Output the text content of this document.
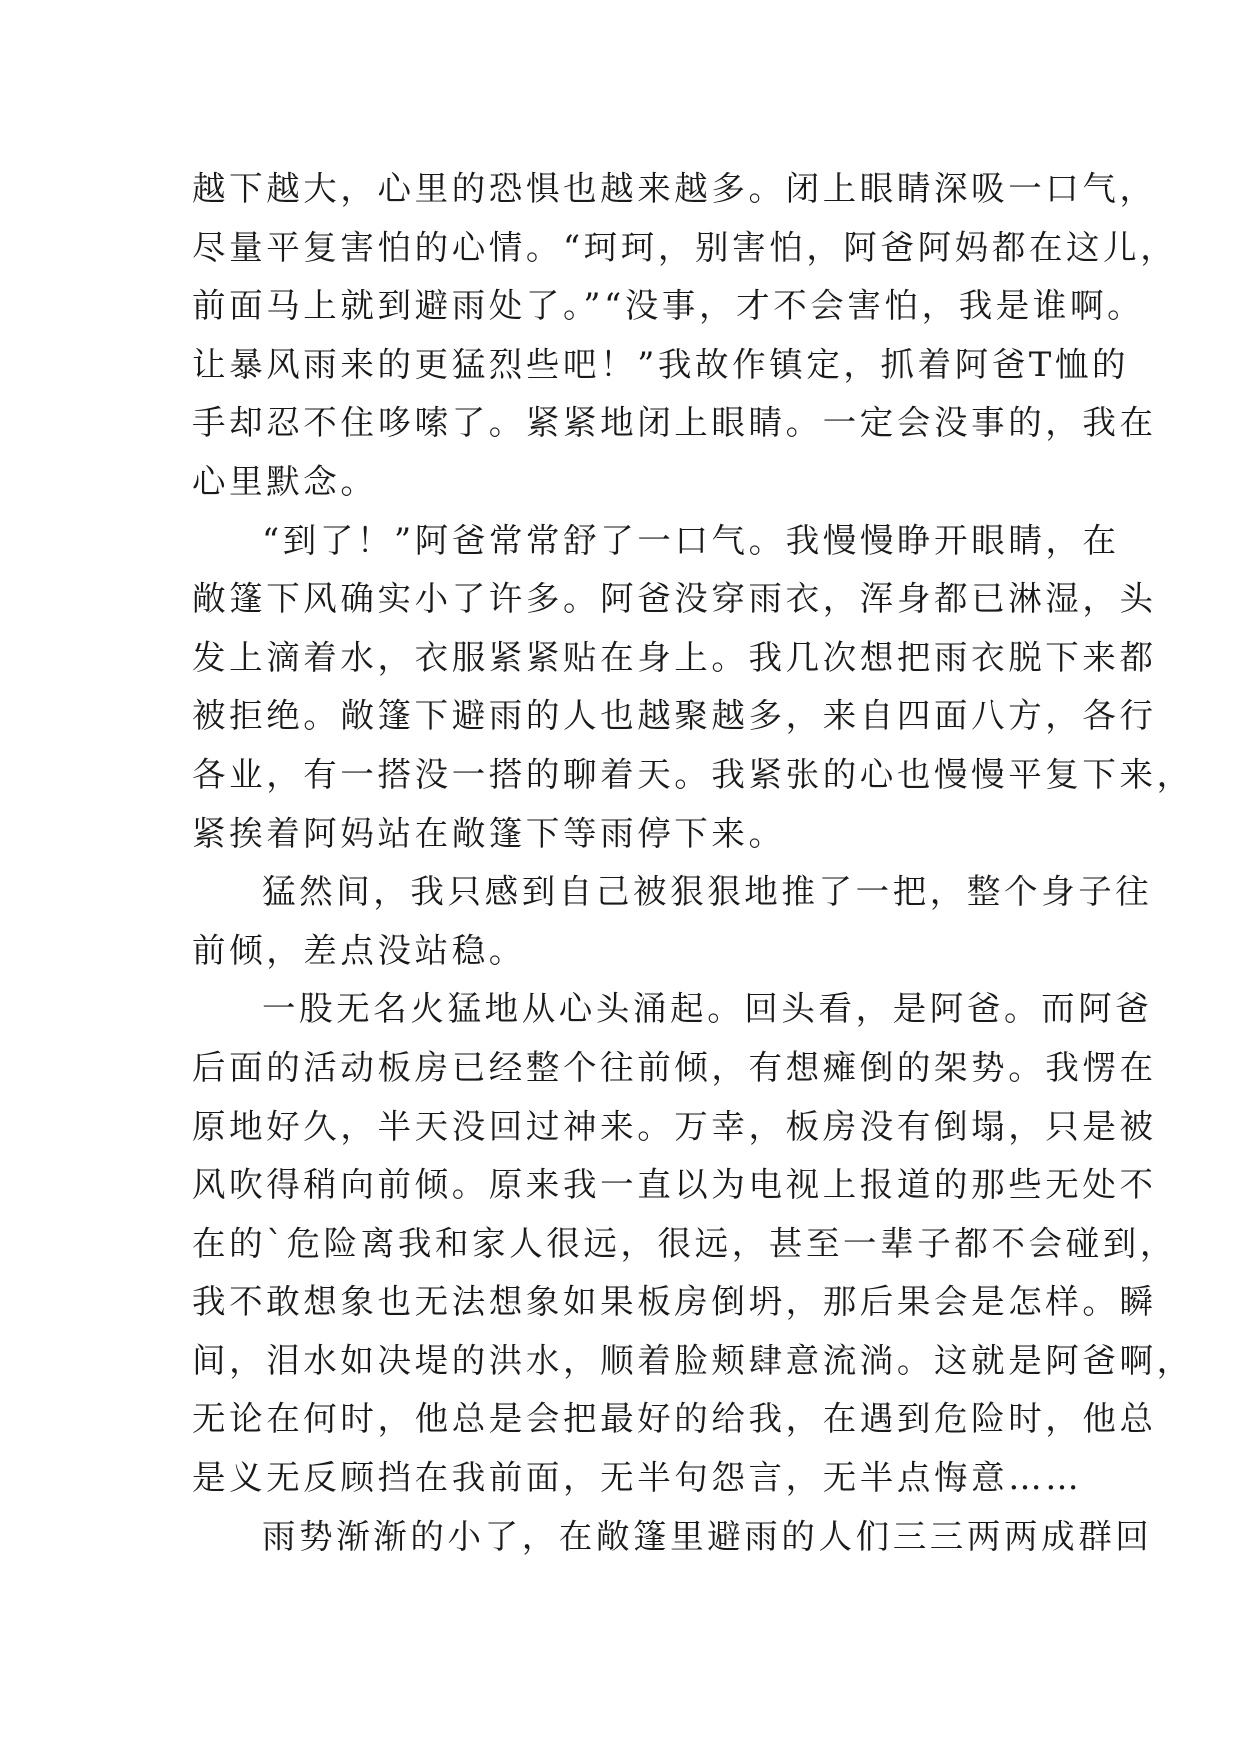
越下越大，心里的恐惧也越来越多。闭上眼睛深吸一口气，
尽量平复害怕的心情。“珂珂，别害怕，阿爸阿妈都在这儿，
前面马上就到避雨处了。”“没事，才不会害怕，我是谁啊。
让暴风雨来的更猛烈些吧！”我故作镇定，抓着阿爸T恤的
手却忍不住哆嗦了。紧紧地闭上眼睛。一定会没事的，我在
心里默念。
“到了！”阿爸常常舒了一口气。我慢慢睁开眼睛，在
敞篷下风确实小了许多。阿爸没穿雨衣，浑身都已淋湿，头
发上滴着水，衣服紧紧贴在身上。我几次想把雨衣脱下来都
被拒绝。敞篷下避雨的人也越聚越多，来自四面八方，各行
各业，有一搭没一搭的聊着天。我紧张的心也慢慢平复下来，
紧挨着阿妈站在敞篷下等雨停下来。
猛然间，我只感到自己被狠狠地推了一把，整个身子往
前倾，差点没站稳。
一股无名火猛地从心头涌起。回头看，是阿爸。而阿爸
后面的活动板房已经整个往前倾，有想瘫倒的架势。我愣在
原地好久，半天没回过神来。万幸，板房没有倒塌，只是被
风吹得稍向前倾。原来我一直以为电视上报道的那些无处不
在的`危险离我和家人很远，很远，甚至一辈子都不会碰到，
我不敢想象也无法想象如果板房倒坍，那后果会是怎样。瞬
间，泪水如决堤的洪水，顺着脸颊肆意流淌。这就是阿爸啊，
无论在何时，他总是会把最好的给我，在遇到危险时，他总
是义无反顾挡在我前面，无半句怨言，无半点悔意……
雨势渐渐的小了，在敞篷里避雨的人们三三两两成群回
